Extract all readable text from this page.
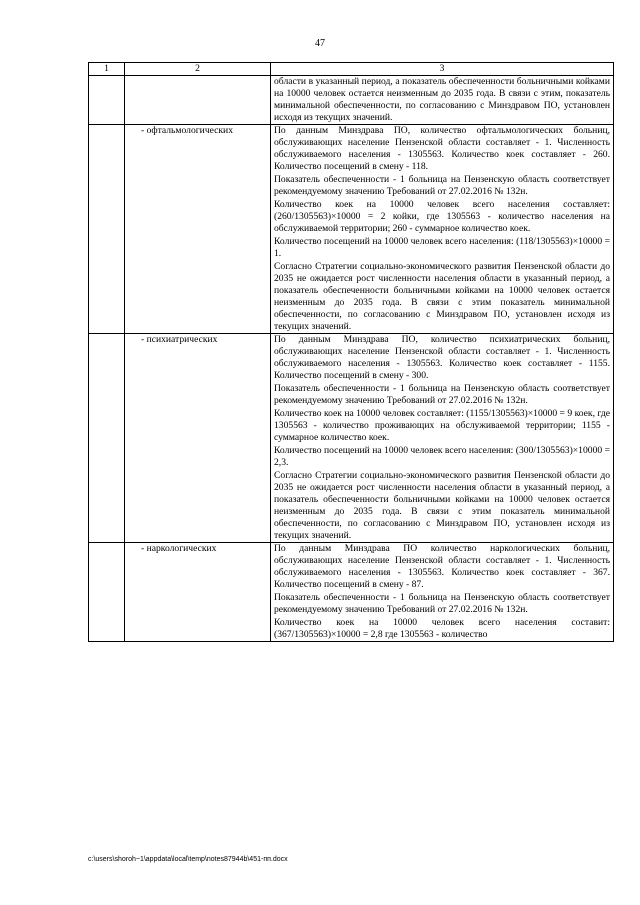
47
1	2	3

		области в указанный период, а показатель обеспеченности больничными койками на 10000 человек остается неизменным до 2035 года. В связи с этим, показатель минимальной обеспеченности, по согласованию с Минздравом ПО, установлен исходя из текущих значений.

	- офтальмологических	По данным Минздрава ПО, количество офтальмологических больниц, обслуживающих население Пензенской области составляет - 1. Численность обслуживаемого населения - 1305563. Количество коек составляет - 260. Количество посещений в смену - 118.

Показатель обеспеченности - 1 больница на Пензенскую область соответствует рекомендуемому значению Требований от 27.02.2016 № 132н.

Количество коек на 10000 человек всего населения составляет: (260/1305563)×10000 = 2 койки, где 1305563 - количество населения на обслуживаемой территории; 260 - суммарное количество коек.

Количество посещений на 10000 человек всего населения: (118/1305563)×10000 = 1.

Согласно Стратегии социально-экономического развития Пензенской области до 2035 не ожидается рост численности населения области в указанный период, а показатель обеспеченности больничными койками на 10000 человек остается неизменным до 2035 года. В связи с этим показатель минимальной обеспеченности, по согласованию с Минздравом ПО, установлен исходя из текущих значений.

	- психиатрических	По данным Минздрава ПО, количество психиатрических больниц, обслуживающих население Пензенской области составляет - 1. Численность обслуживаемого населения - 1305563. Количество коек составляет - 1155. Количество посещений в смену - 300.

Показатель обеспеченности - 1 больница на Пензенскую область соответствует рекомендуемому значению Требований от 27.02.2016 № 132н.

Количество коек на 10000 человек составляет: (1155/1305563)×10000 = 9 коек, где 1305563 - количество проживающих на обслуживаемой территории; 1155 - суммарное количество коек.

Количество посещений на 10000 человек всего населения: (300/1305563)×10000 = 2,3.

Согласно Стратегии социально-экономического развития Пензенской области до 2035 не ожидается рост численности населения области в указанный период, а показатель обеспеченности больничными койками на 10000 человек остается неизменным до 2035 года. В связи с этим показатель минимальной обеспеченности, по согласованию с Минздравом ПО, установлен исходя из текущих значений.

	- наркологических	По данным Минздрава ПО количество наркологических больниц, обслуживающих население Пензенской области составляет - 1. Численность обслуживаемого населения - 1305563. Количество коек составляет - 367. Количество посещений в смену - 87.

Показатель обеспеченности - 1 больница на Пензенскую область соответствует рекомендуемому значению Требований от 27.02.2016 № 132н.

Количество коек на 10000 человек всего населения составит: (367/1305563)×10000 = 2,8 где 1305563 - количество

c:\users\shoroh~1\appdata\local\temp\notes87944b\451-пп.docx
